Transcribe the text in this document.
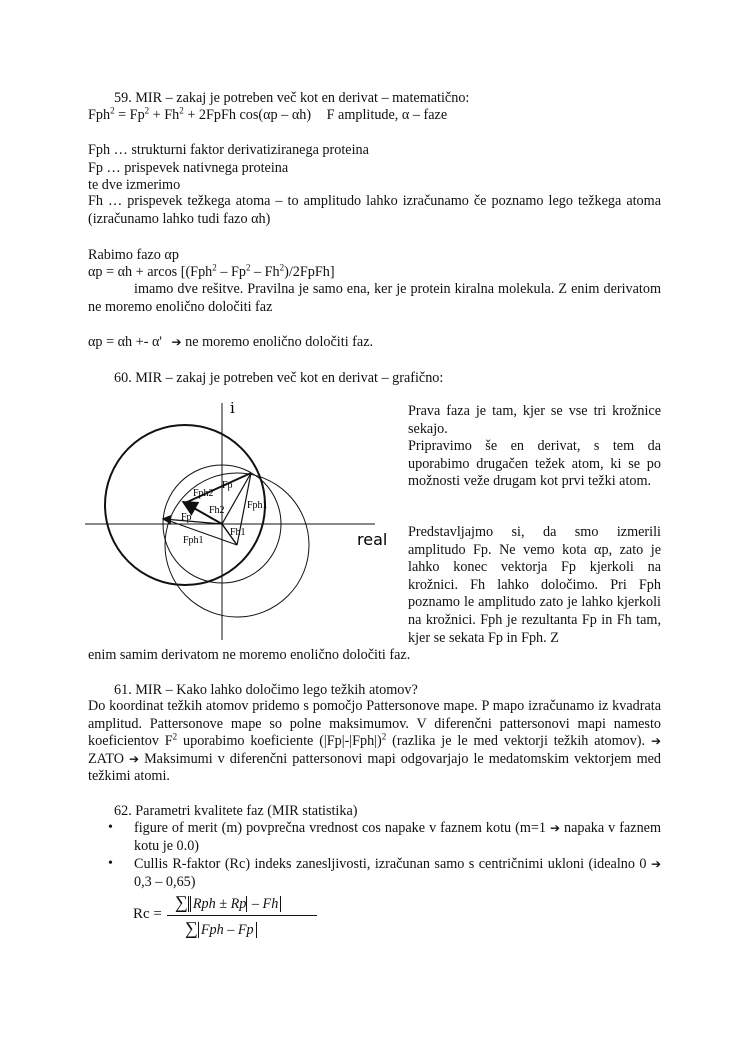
59. MIR – zakaj je potreben več kot en derivat – matematično:
$Fph^2 = Fp^2 + Fh^2$ + 2FpFh cos(αp – αh) F amplitude, α – faze
Fph … strukturni faktor derivatiziranega proteina
Fp … prispevek nativnega proteina
te dve izmerimo
Fh … prispevek težkega atoma – to amplitudo lahko izračunamo če poznamo lego težkega atoma (izračunamo lahko tudi fazo αh)
Rabimo fazo αp
αp = αh + arcos [(Fph$^2$ – Fp$^2$ – Fh$^2$)/2FpFh]
imamo dve rešitve. Pravilna je samo ena, ker je protein kiralna molekula. Z enim derivatom ne moremo enolično določiti faz
αp = αh +- α' ➔ ne moremo enolično določiti faz.
60. MIR – zakaj je potreben več kot en derivat – grafično:
Prava faza je tam, kjer se vse tri krožnice sekajo.
Pripravimo še en derivat, s tem da uporabimo drugačen težek atom, ki se po možnosti veže drugam kot prvi težki atom.
Predstavljajmo si, da smo izmerili amplitudo Fp. Ne vemo kota αp, zato je lahko konec vektorja Fp kjerkoli na krožnici. Fh lahko določimo. Pri Fph poznamo le amplitudo zato je lahko kjerkoli na krožnici. Fph je rezultanta Fp in Fh tam, kjer se sekata Fp in Fph. Z
enim samim derivatom ne moremo enolično določiti faz.
61. MIR – Kako lahko določimo lego težkih atomov?
Do koordinat težkih atomov pridemo s pomočjo Pattersonove mape. P mapo izračunamo iz kvadrata amplitud. Pattersonove mape so polne maksimumov. V diferenčni pattersonovi mapi namesto koeficientov $F^2$ uporabimo koeficiente $(|Fp|-|Fph|)^2$ (razlika je le med vektorji težkih atomov). ➔ ZATO ➔ Maksimumi v diferenčni pattersonovi mapi odgovarjajo le medatomskim vektorjem med težkimi atomi.
62. Parametri kvalitete faz (MIR statistika)
• figure of merit (m) povprečna vrednost cos napake v faznem kotu (m=1 ➔ napaka v faznem kotu je 0.0)
• Cullis R-faktor (Rc) indeks zanesljivosti, izračunan samo s centričnimi ukloni (idealno 0 ➔ 0,3 – 0,65)
Rc =
∑ Rph ± Rp – Fh
∑ Fph – Fp
i
real
Fph2
Fp
Fp
Fh2 Fph1
Fph1
Fh1
